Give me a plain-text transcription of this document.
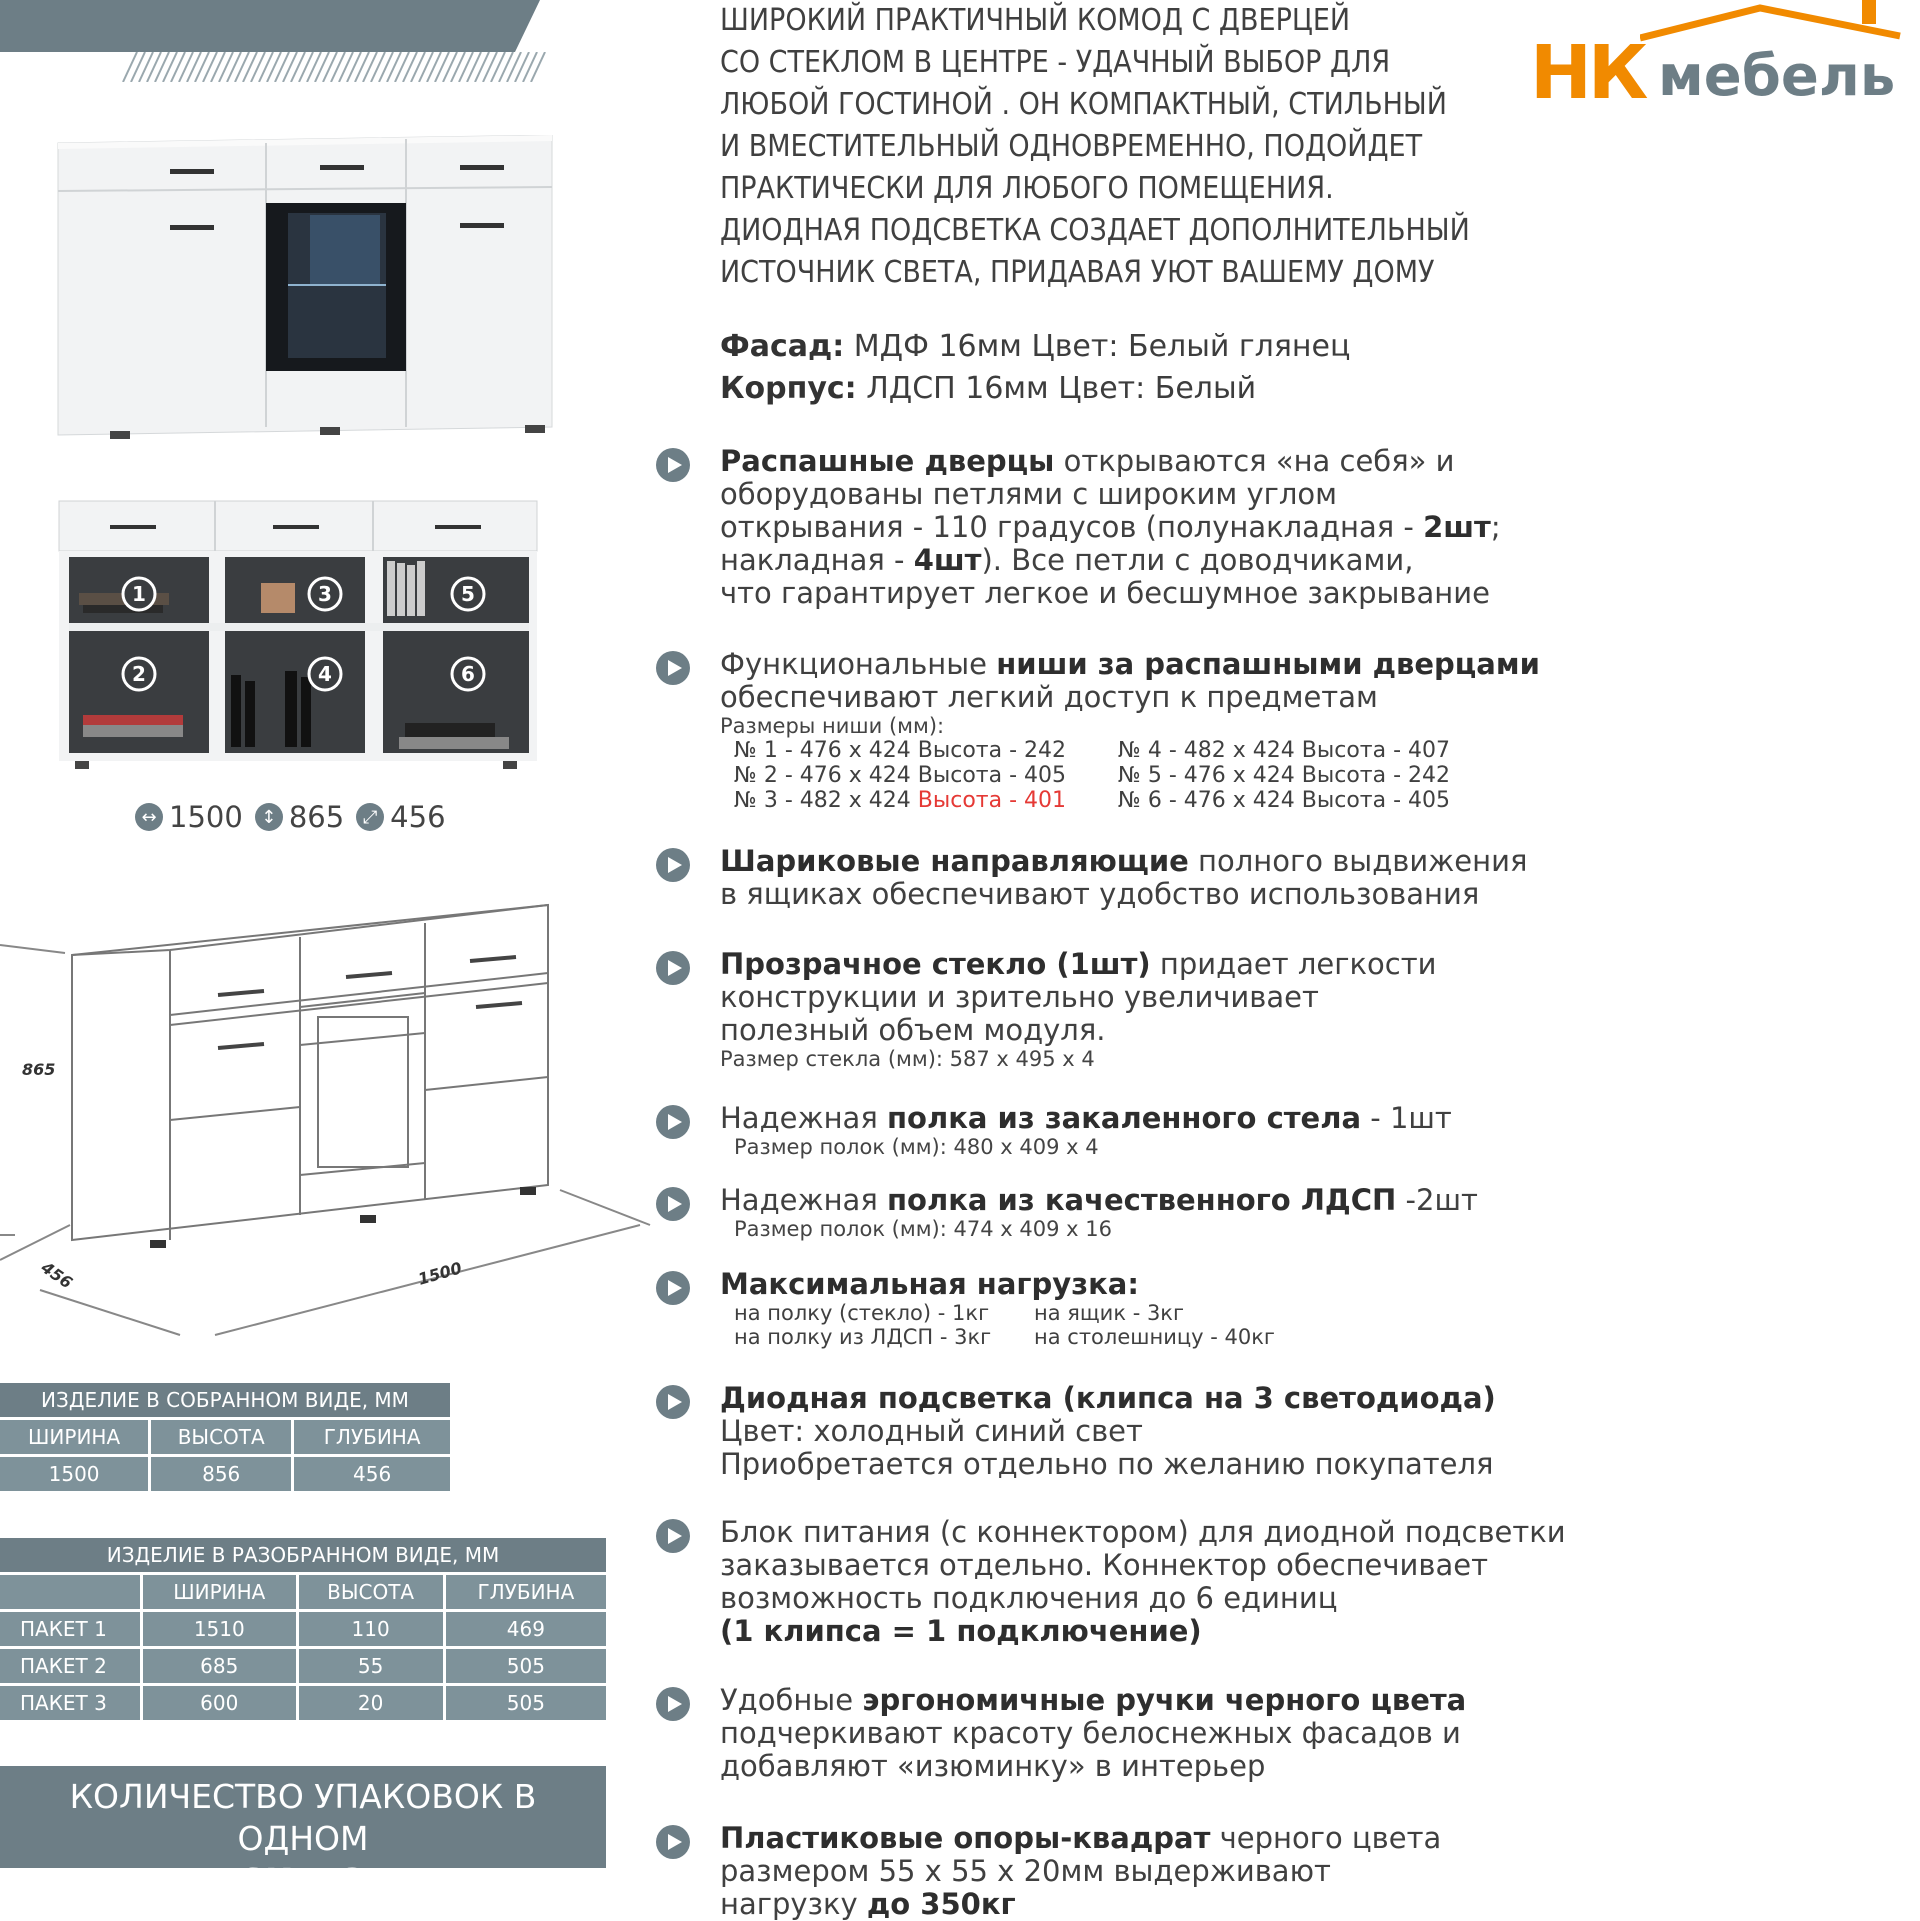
НК мебель
ШИРОКИЙ ПРАКТИЧНЫЙ КОМОД С ДВЕРЦЕЙ
СО СТЕКЛОМ В ЦЕНТРЕ - УДАЧНЫЙ ВЫБОР ДЛЯ
ЛЮБОЙ ГОСТИНОЙ . ОН КОМПАКТНЫЙ, СТИЛЬНЫЙ
И ВМЕСТИТЕЛЬНЫЙ ОДНОВРЕМЕННО, ПОДОЙДЕТ
ПРАКТИЧЕСКИ ДЛЯ ЛЮБОГО ПОМЕЩЕНИЯ.
ДИОДНАЯ ПОДСВЕТКА СОЗДАЕТ ДОПОЛНИТЕЛЬНЫЙ
ИСТОЧНИК СВЕТА, ПРИДАВАЯ УЮТ ВАШЕМУ ДОМУ
Фасад: МДФ 16мм Цвет: Белый глянец
Корпус: ЛДСП 16мм Цвет: Белый
Распашные дверцы открываются «на себя» и
оборудованы петлями с широким углом
открывания - 110 градусов (полунакладная - 2шт;
накладная - 4шт). Все петли с доводчиками,
что гарантирует легкое и бесшумное закрывание
Функциональные ниши за распашными дверцами
обеспечивают легкий доступ к предметам
Размеры ниши (мм):
№ 1 - 476 x 424 Высота - 242	№ 4 - 482 x 424 Высота - 407
№ 2 - 476 x 424 Высота - 405	№ 5 - 476 x 424 Высота - 242
№ 3 - 482 x 424 Высота - 401	№ 6 - 476 x 424 Высота - 405
Шариковые направляющие полного выдвижения
в ящиках обеспечивают удобство использования
Прозрачное стекло (1шт) придает легкости
конструкции и зрительно увеличивает
полезный объем модуля.
Размер стекла (мм): 587 x 495 x 4
Надежная полка из закаленного стела - 1шт
Размер полок (мм): 480 x 409 x 4
Надежная полка из качественного ЛДСП -2шт
Размер полок (мм): 474 x 409 x 16
Максимальная нагрузка:
на полку (стекло) - 1кг	на ящик - 3кг
на полку из ЛДСП - 3кг	на столешницу - 40кг
Диодная подсветка (клипса на 3 светодиода)
Цвет: холодный синий свет
Приобретается отдельно по желанию покупателя
Блок питания (с коннектором) для диодной подсветки
заказывается отдельно. Коннектор обеспечивает
возможность подключения до 6 единиц
(1 клипса = 1 подключение)
Удобные эргономичные ручки черного цвета
подчеркивают красоту белоснежных фасадов и
добавляют «изюминку» в интерьер
Пластиковые опоры-квадрат черного цвета
размером 55 x 55 x 20мм выдерживают
нагрузку до 350кг
1
2
3
4
5
6
↔ 1500	↕ 865	⤢ 456
865
456	1500
ИЗДЕЛИЕ В СОБРАННОМ ВИДЕ, ММ		
ШИРИНА	ВЫСОТА	ГЛУБИНА
1500	856	456
ИЗДЕЛИЕ В РАЗОБРАННОМ ВИДЕ, ММ			
	ШИРИНА	ВЫСОТА	ГЛУБИНА
ПАКЕТ 1	1510	110	469
ПАКЕТ 2	685	55	505
ПАКЕТ 3	600	20	505
КОЛИЧЕСТВО УПАКОВОК В ОДНОМ
SKU: 3
